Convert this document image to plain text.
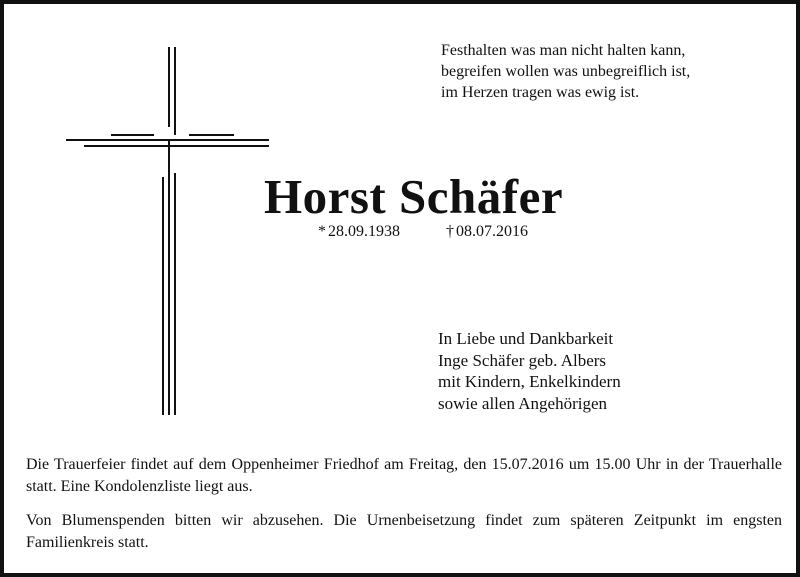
Festhalten was man nicht halten kann,
begreifen wollen was unbegreiflich ist,
im Herzen tragen was ewig ist.
Horst Schäfer
* 28.09.1938	† 08.07.2016
In Liebe und Dankbarkeit
Inge Schäfer geb. Albers
mit Kindern, Enkelkindern
sowie allen Angehörigen
Die Trauerfeier findet auf dem Oppenheimer Friedhof am Freitag, den 15.07.2016 um 15.00 Uhr in der Trauerhalle statt. Eine Kondolenzliste liegt aus.
Von Blumenspenden bitten wir abzusehen. Die Urnenbeisetzung findet zum späteren Zeitpunkt im engsten Familienkreis statt.
